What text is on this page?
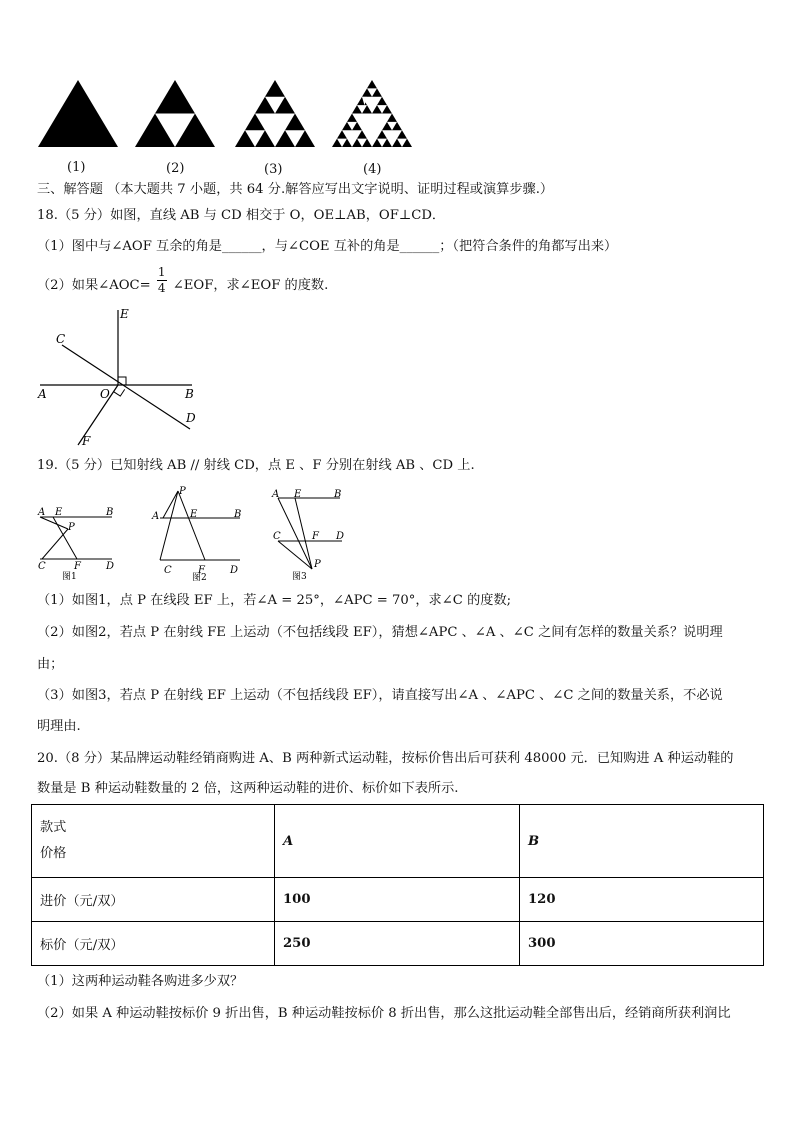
(1)	(2)	(3)	(4)
三、解答题 （本大题共 7 小题，共 64 分.解答应写出文字说明、证明过程或演算步骤.）
18.（5 分）如图，直线 AB 与 CD 相交于 O，OE⊥AB，OF⊥CD．
（1）图中与∠AOF 互余的角是______，与∠COE 互补的角是______；（把符合条件的角都写出来）
（2）如果∠AOC= $\frac{1}{4}$ ∠EOF，求∠EOF 的度数.
E
C
A	O	B
D
F
19.（5 分）已知射线 AB // 射线 CD，点 E 、F 分别在射线 AB 、CD 上.
A E	B
P
C	F	D
图1
P
A	E	B
C	F	D
图2
A E	B
C	F D
P
图3
（1）如图1，点 P 在线段 EF 上，若∠A = 25°，∠APC = 70°，求∠C 的度数;
（2）如图2，若点 P 在射线 FE 上运动（不包括线段 EF），猜想∠APC 、∠A 、∠C 之间有怎样的数量关系？说明理
由；
（3）如图3，若点 P 在射线 EF 上运动（不包括线段 EF），请直接写出∠A 、∠APC 、∠C 之间的数量关系，不必说
明理由.
20.（8 分）某品牌运动鞋经销商购进 A、B 两种新式运动鞋，按标价售出后可获利 48000 元．已知购进 A 种运动鞋的
数量是 B 种运动鞋数量的 2 倍，这两种运动鞋的进价、标价如下表所示.
款式
价格	A	B
进价（元/双）	100	120
标价（元/双）	250	300
（1）这两种运动鞋各购进多少双？
（2）如果 A 种运动鞋按标价 9 折出售，B 种运动鞋按标价 8 折出售，那么这批运动鞋全部售出后，经销商所获利润比
